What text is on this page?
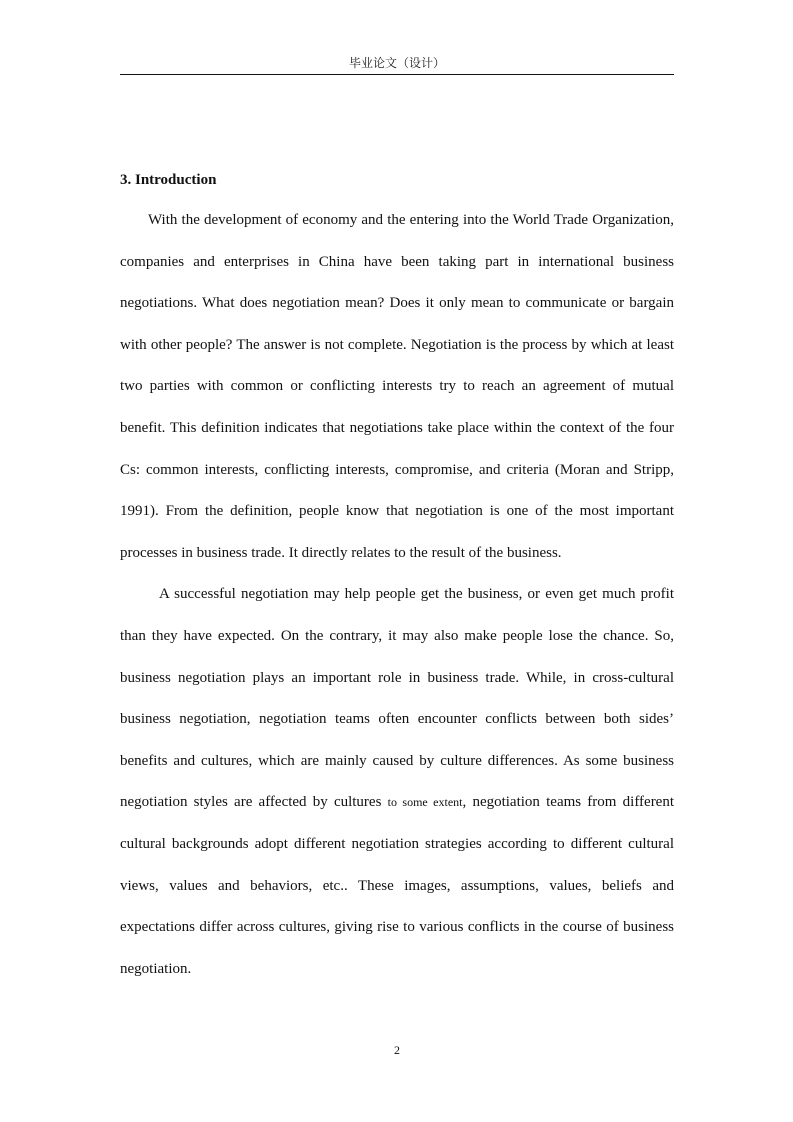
毕业论文（设计）
3. Introduction

With the development of economy and the entering into the World Trade Organization, companies and enterprises in China have been taking part in international business negotiations. What does negotiation mean? Does it only mean to communicate or bargain with other people? The answer is not complete. Negotiation is the process by which at least two parties with common or conflicting interests try to reach an agreement of mutual benefit. This definition indicates that negotiations take place within the context of the four Cs: common interests, conflicting interests, compromise, and criteria (Moran and Stripp, 1991). From the definition, people know that negotiation is one of the most important processes in business trade. It directly relates to the result of the business.

A successful negotiation may help people get the business, or even get much profit than they have expected. On the contrary, it may also make people lose the chance. So, business negotiation plays an important role in business trade. While, in cross-cultural business negotiation, negotiation teams often encounter conflicts between both sides’ benefits and cultures, which are mainly caused by culture differences. As some business negotiation styles are affected by cultures to some extent, negotiation teams from different cultural backgrounds adopt different negotiation strategies according to different cultural views, values and behaviors, etc.. These images, assumptions, values, beliefs and expectations differ across cultures, giving rise to various conflicts in the course of business negotiation.

2
